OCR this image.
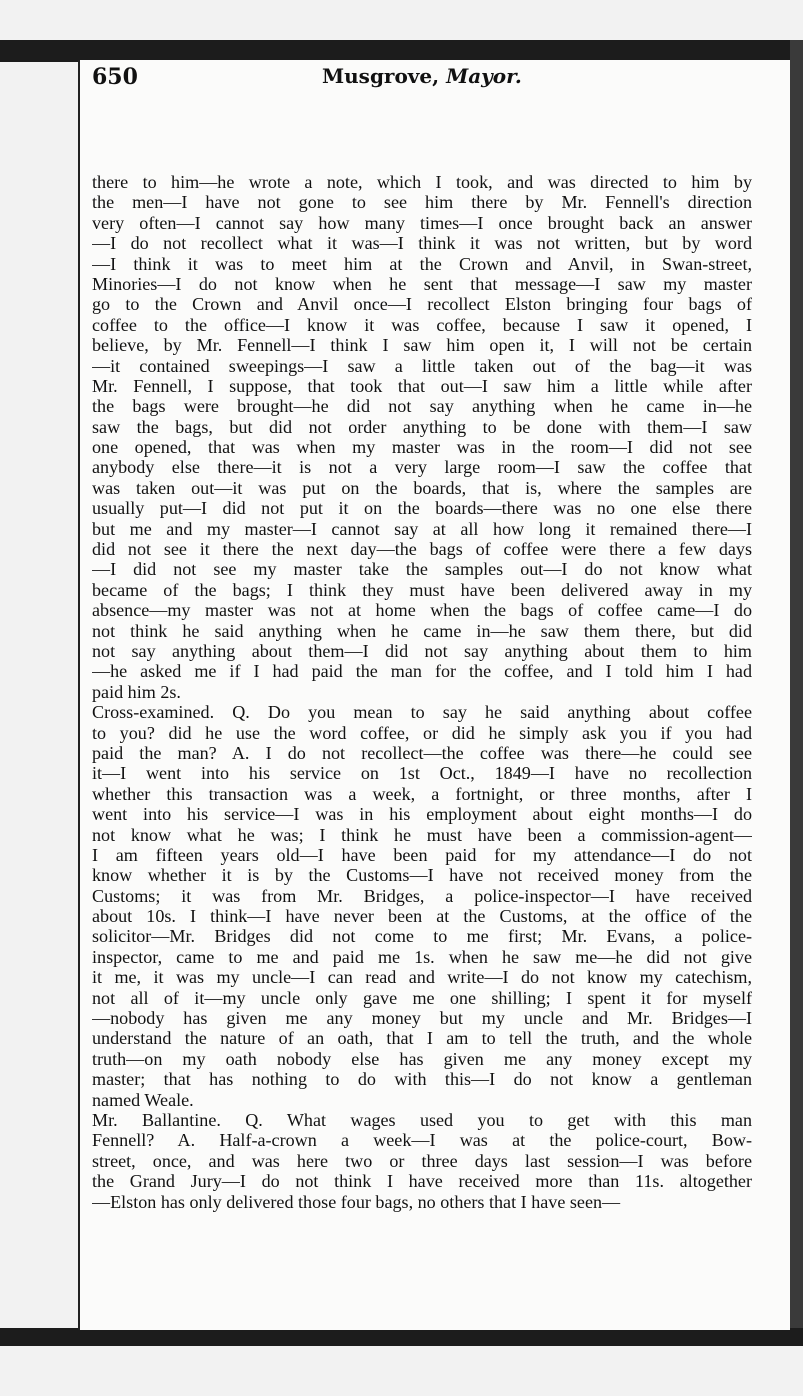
650	Musgrove, Mayor.
there to him—he wrote a note, which I took, and was directed to him by
the men—I have not gone to see him there by Mr. Fennell's direction
very often—I cannot say how many times—I once brought back an answer
—I do not recollect what it was—I think it was not written, but by word
—I think it was to meet him at the Crown and Anvil, in Swan-street,
Minories—I do not know when he sent that message—I saw my master
go to the Crown and Anvil once—I recollect Elston bringing four bags of
coffee to the office—I know it was coffee, because I saw it opened, I
believe, by Mr. Fennell—I think I saw him open it, I will not be certain
—it contained sweepings—I saw a little taken out of the bag—it was
Mr. Fennell, I suppose, that took that out—I saw him a little while after
the bags were brought—he did not say anything when he came in—he
saw the bags, but did not order anything to be done with them—I saw
one opened, that was when my master was in the room—I did not see
anybody else there—it is not a very large room—I saw the coffee that
was taken out—it was put on the boards, that is, where the samples are
usually put—I did not put it on the boards—there was no one else there
but me and my master—I cannot say at all how long it remained there—I
did not see it there the next day—the bags of coffee were there a few days
—I did not see my master take the samples out—I do not know what
became of the bags; I think they must have been delivered away in my
absence—my master was not at home when the bags of coffee came—I do
not think he said anything when he came in—he saw them there, but did
not say anything about them—I did not say anything about them to him
—he asked me if I had paid the man for the coffee, and I told him I had
paid him 2s.
Cross-examined. Q. Do you mean to say he said anything about coffee
to you? did he use the word coffee, or did he simply ask you if you had
paid the man? A. I do not recollect—the coffee was there—he could see
it—I went into his service on 1st Oct., 1849—I have no recollection
whether this transaction was a week, a fortnight, or three months, after I
went into his service—I was in his employment about eight months—I do
not know what he was; I think he must have been a commission-agent—
I am fifteen years old—I have been paid for my attendance—I do not
know whether it is by the Customs—I have not received money from the
Customs; it was from Mr. Bridges, a police-inspector—I have received
about 10s. I think—I have never been at the Customs, at the office of the
solicitor—Mr. Bridges did not come to me first; Mr. Evans, a police-
inspector, came to me and paid me 1s. when he saw me—he did not give
it me, it was my uncle—I can read and write—I do not know my catechism,
not all of it—my uncle only gave me one shilling; I spent it for myself
—nobody has given me any money but my uncle and Mr. Bridges—I
understand the nature of an oath, that I am to tell the truth, and the whole
truth—on my oath nobody else has given me any money except my
master; that has nothing to do with this—I do not know a gentleman
named Weale.
Mr. Ballantine. Q. What wages used you to get with this man
Fennell? A. Half-a-crown a week—I was at the police-court, Bow-
street, once, and was here two or three days last session—I was before
the Grand Jury—I do not think I have received more than 11s. altogether
—Elston has only delivered those four bags, no others that I have seen—
